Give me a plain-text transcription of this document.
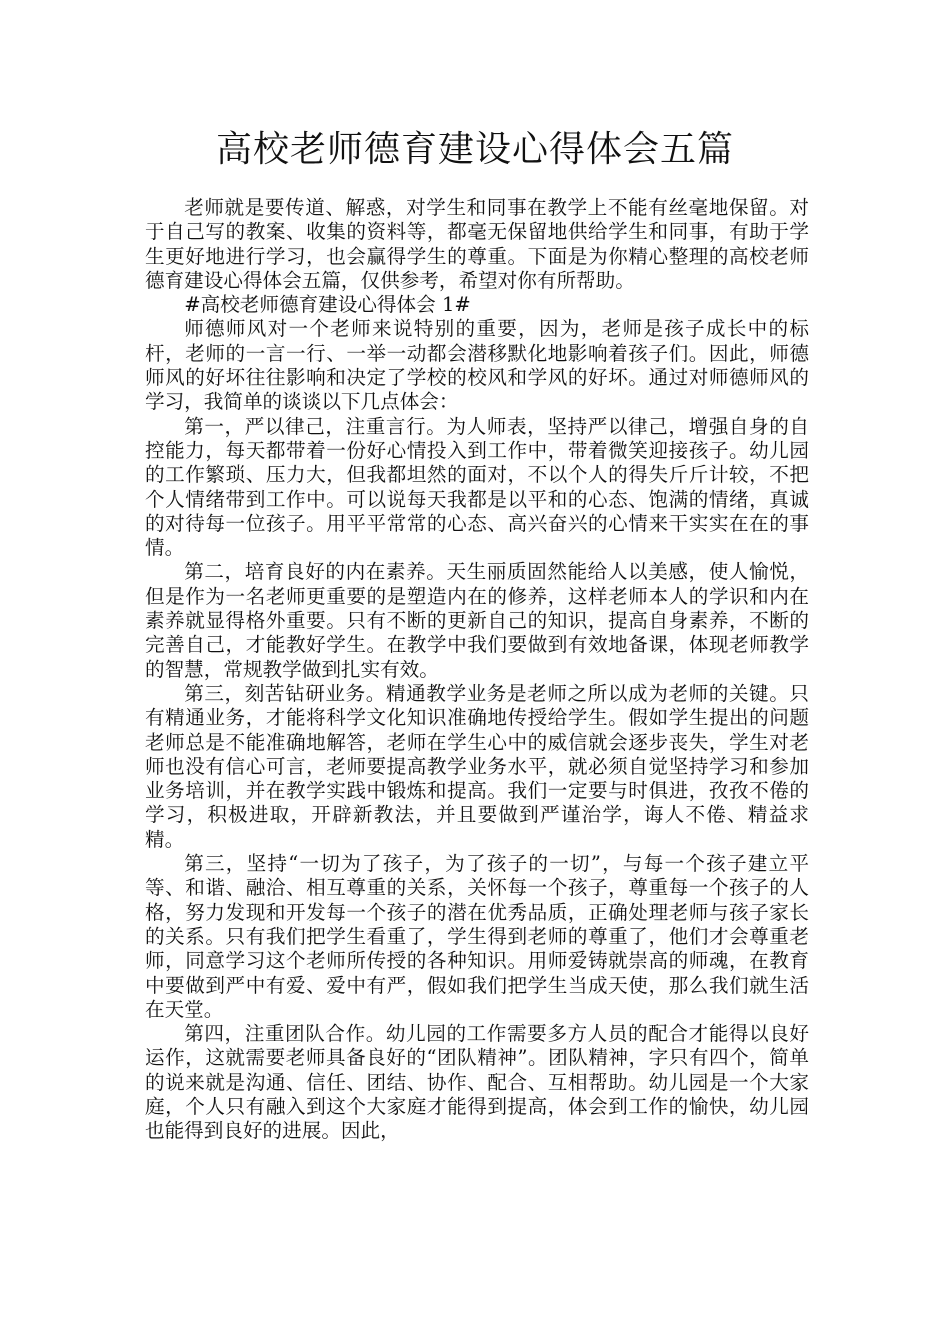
高校老师德育建设心得体会五篇

老师就是要传道、解惑，对学生和同事在教学上不能有丝毫地保留。对于自己写的教案、收集的资料等，都毫无保留地供给学生和同事，有助于学生更好地进行学习，也会赢得学生的尊重。下面是为你精心整理的高校老师德育建设心得体会五篇，仅供参考，希望对你有所帮助。

#高校老师德育建设心得体会 1#

师德师风对一个老师来说特别的重要，因为，老师是孩子成长中的标杆，老师的一言一行、一举一动都会潜移默化地影响着孩子们。因此，师德师风的好坏往往影响和决定了学校的校风和学风的好坏。通过对师德师风的学习，我简单的谈谈以下几点体会：

第一，严以律己，注重言行。为人师表，坚持严以律己，增强自身的自控能力，每天都带着一份好心情投入到工作中，带着微笑迎接孩子。幼儿园的工作繁琐、压力大，但我都坦然的面对，不以个人的得失斤斤计较，不把个人情绪带到工作中。可以说每天我都是以平和的心态、饱满的情绪，真诚的对待每一位孩子。用平平常常的心态、高兴奋兴的心情来干实实在在的事情。

第二，培育良好的内在素养。天生丽质固然能给人以美感，使人愉悦，但是作为一名老师更重要的是塑造内在的修养，这样老师本人的学识和内在素养就显得格外重要。只有不断的更新自己的知识，提高自身素养，不断的完善自己，才能教好学生。在教学中我们要做到有效地备课，体现老师教学的智慧，常规教学做到扎实有效。

第三，刻苦钻研业务。精通教学业务是老师之所以成为老师的关键。只有精通业务，才能将科学文化知识准确地传授给学生。假如学生提出的问题老师总是不能准确地解答，老师在学生心中的威信就会逐步丧失，学生对老师也没有信心可言，老师要提高教学业务水平，就必须自觉坚持学习和参加业务培训，并在教学实践中锻炼和提高。我们一定要与时俱进，孜孜不倦的学习，积极进取，开辟新教法，并且要做到严谨治学，诲人不倦、精益求精。

第三，坚持“一切为了孩子，为了孩子的一切”，与每一个孩子建立平等、和谐、融洽、相互尊重的关系，关怀每一个孩子，尊重每一个孩子的人格，努力发现和开发每一个孩子的潜在优秀品质，正确处理老师与孩子家长的关系。只有我们把学生看重了，学生得到老师的尊重了，他们才会尊重老师，同意学习这个老师所传授的各种知识。用师爱铸就崇高的师魂，在教育中要做到严中有爱、爱中有严，假如我们把学生当成天使，那么我们就生活在天堂。

第四，注重团队合作。幼儿园的工作需要多方人员的配合才能得以良好运作，这就需要老师具备良好的“团队精神”。团队精神，字只有四个，简单的说来就是沟通、信任、团结、协作、配合、互相帮助。幼儿园是一个大家庭，个人只有融入到这个大家庭才能得到提高，体会到工作的愉快，幼儿园也能得到良好的进展。因此，
